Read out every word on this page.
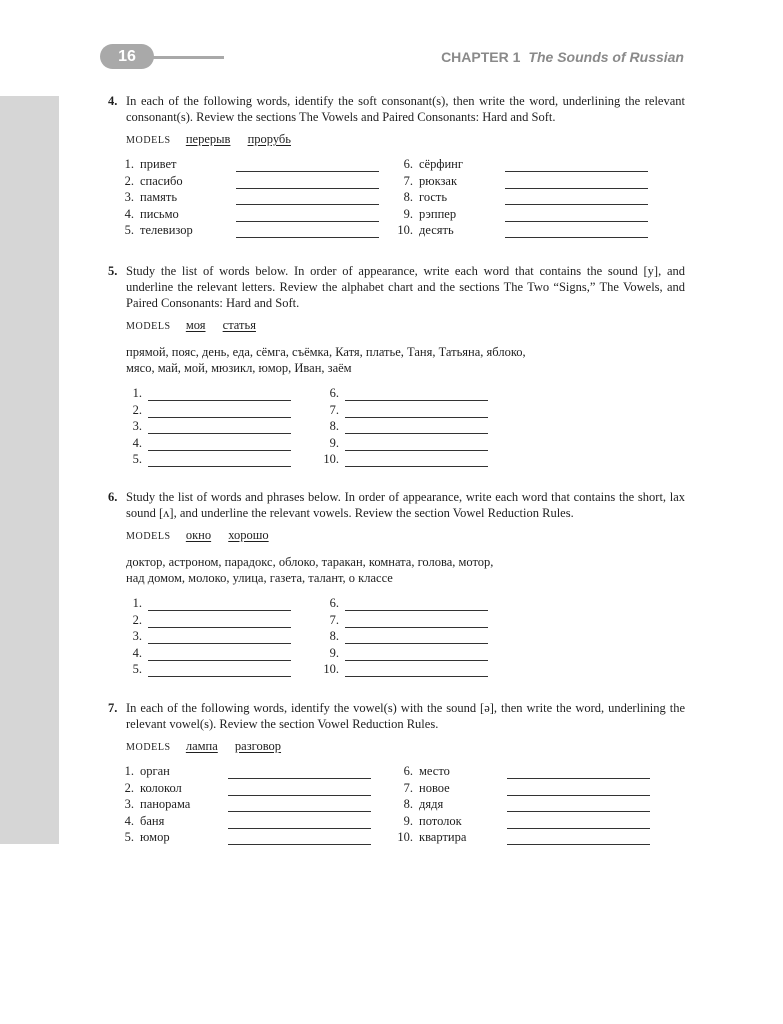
16	CHAPTER 1 The Sounds of Russian
4. In each of the following words, identify the soft consonant(s), then write the word, underlining the relevant consonant(s). Review the sections The Vowels and Paired Consonants: Hard and Soft.
MODELS перерыв прорубь
1. привет
2. спасибо
3. память
4. письмо
5. телевизор
6. сёрфинг
7. рюкзак
8. гость
9. рэппер
10. десять
5. Study the list of words below. In order of appearance, write each word that contains the sound [y], and underline the relevant letters. Review the alphabet chart and the sections The Two “Signs,” The Vowels, and Paired Consonants: Hard and Soft.
MODELS моя статья
прямой, пояс, день, еда, сёмга, съёмка, Катя, платье, Таня, Татьяна, яблоко,
мясо, май, мой, мюзикл, юмор, Иван, заём
1.
2.
3.
4.
5.
6.
7.
8.
9.
10.
6. Study the list of words and phrases below. In order of appearance, write each word that contains the short, lax sound [ʌ], and underline the relevant vowels. Review the section Vowel Reduction Rules.
MODELS окно хорошо
доктор, астроном, парадокс, облоко, таракан, комната, голова, мотор,
над домом, молоко, улица, газета, талант, о классе
1.
2.
3.
4.
5.
6.
7.
8.
9.
10.
7. In each of the following words, identify the vowel(s) with the sound [ə], then write the word, underlining the relevant vowel(s). Review the section Vowel Reduction Rules.
MODELS лампа разговор
1. орган
2. колокол
3. панорама
4. баня
5. юмор
6. место
7. новое
8. дядя
9. потолок
10. квартира
